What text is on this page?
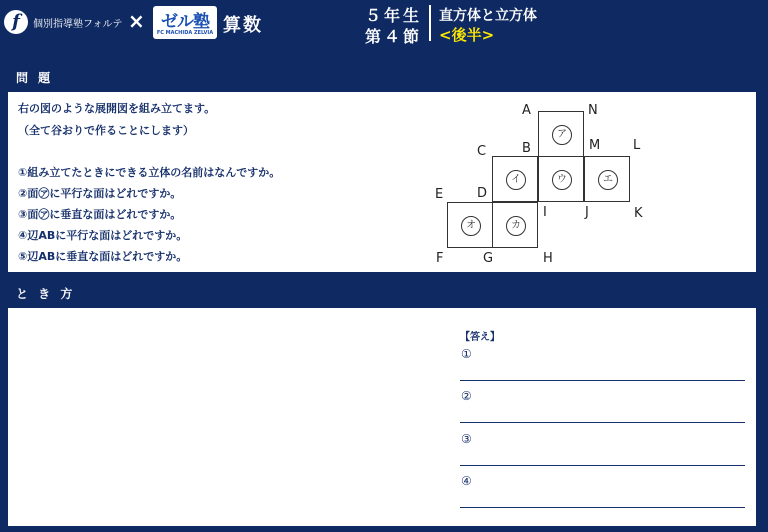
f	個別指導塾フォルテ × ゼル塾
FC MACHIDA ZELVIA 算数	５年生
第４節
直方体と立方体
<後半>
問 題
右の図のような展開図を組み立てます。
（全て谷おりで作ることにします）
①組み立てたときにできる立体の名前はなんですか。
②面㋐に平行な面はどれですか。
③面㋐に垂直な面はどれですか。
④辺ABに平行な面はどれですか。
⑤辺ABに垂直な面はどれですか。
ア
イ	ウ	エ
オ	カ
A	N
C	B	M	L
E	D
I	J	K
F	G	H
と き 方
【答え】
①
②
③
④
